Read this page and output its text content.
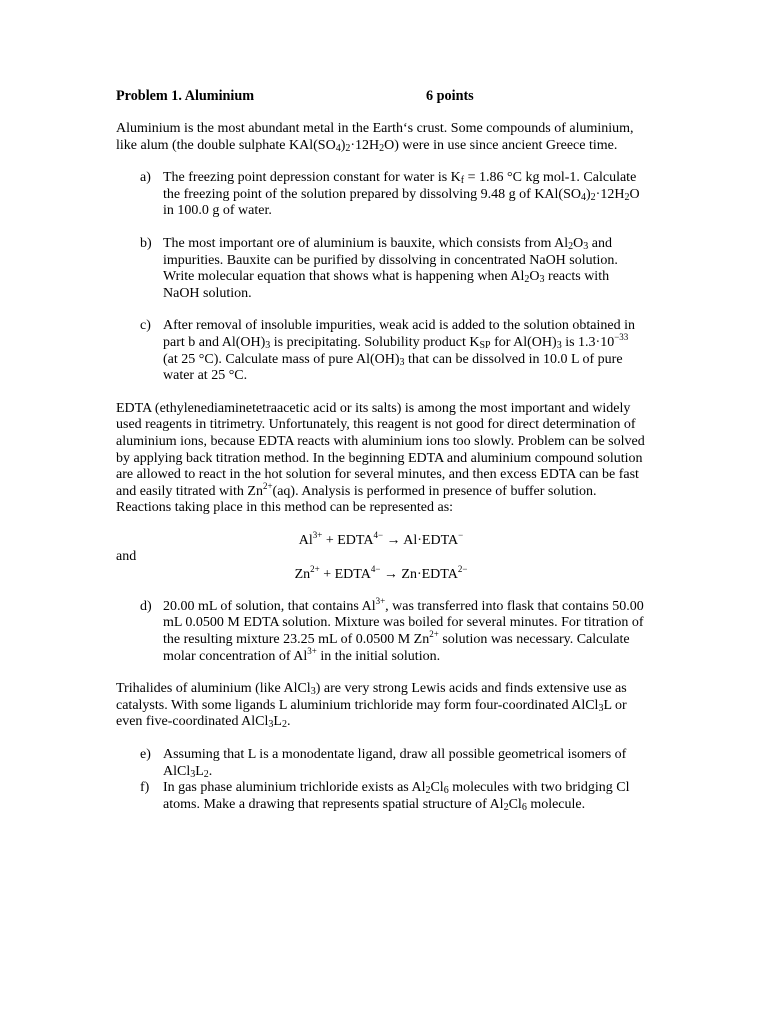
Problem 1. Aluminium	6 points

Aluminium is the most abundant metal in the Earth‘s crust. Some compounds of aluminium, like alum (the double sulphate $KAl(SO_4)_2\cdot 12H_2O$) were in use since ancient Greece time.

a) The freezing point depression constant for water is $K_f = 1.86$ °C kg mol-1. Calculate the freezing point of the solution prepared by dissolving 9.48 g of $KAl(SO_4)_2\cdot 12H_2O$ in 100.0 g of water.

b) The most important ore of aluminium is bauxite, which consists from $Al_2O_3$ and impurities. Bauxite can be purified by dissolving in concentrated NaOH solution. Write molecular equation that shows what is happening when $Al_2O_3$ reacts with NaOH solution.

c) After removal of insoluble impurities, weak acid is added to the solution obtained in part b and $Al(OH)_3$ is precipitating. Solubility product $K_{SP}$ for $Al(OH)_3$ is $1.3\cdot 10^{-33}$ (at 25 °C). Calculate mass of pure $Al(OH)_3$ that can be dissolved in 10.0 L of pure water at 25 °C.

EDTA (ethylenediaminetetraacetic acid or its salts) is among the most important and widely used reagents in titrimetry. Unfortunately, this reagent is not good for direct determination of aluminium ions, because EDTA reacts with aluminium ions too slowly. Problem can be solved by applying back titration method. In the beginning EDTA and aluminium compound solution are allowed to react in the hot solution for several minutes, and then excess EDTA can be fast and easily titrated with $Zn^{2+}(aq)$. Analysis is performed in presence of buffer solution. Reactions taking place in this method can be represented as:

$Al^{3+}$ + $EDTA^{4-}$ → Al·EDTA−
and
$Zn^{2+}$ + $EDTA^{4-}$ → $Zn\cdot EDTA^{2-}$
d) 20.00 mL of solution, that contains $Al^{3+}$, was transferred into flask that contains 50.00 mL 0.0500 M EDTA solution. Mixture was boiled for several minutes. For titration of the resulting mixture 23.25 mL of 0.0500 M $Zn^{2+}$ solution was necessary. Calculate molar concentration of $Al^{3+}$ in the initial solution.

Trihalides of aluminium (like AlCl$_3$) are very strong Lewis acids and finds extensive use as catalysts. With some ligands L aluminium trichloride may form four-coordinated AlCl$_3$L or even five-coordinated $AlCl_3L_2$.

e) Assuming that L is a monodentate ligand, draw all possible geometrical isomers of $AlCl_3L_2$.

f) In gas phase aluminium trichloride exists as $Al_2Cl_6$ molecules with two bridging Cl atoms. Make a drawing that represents spatial structure of $Al_2Cl_6$ molecule.
